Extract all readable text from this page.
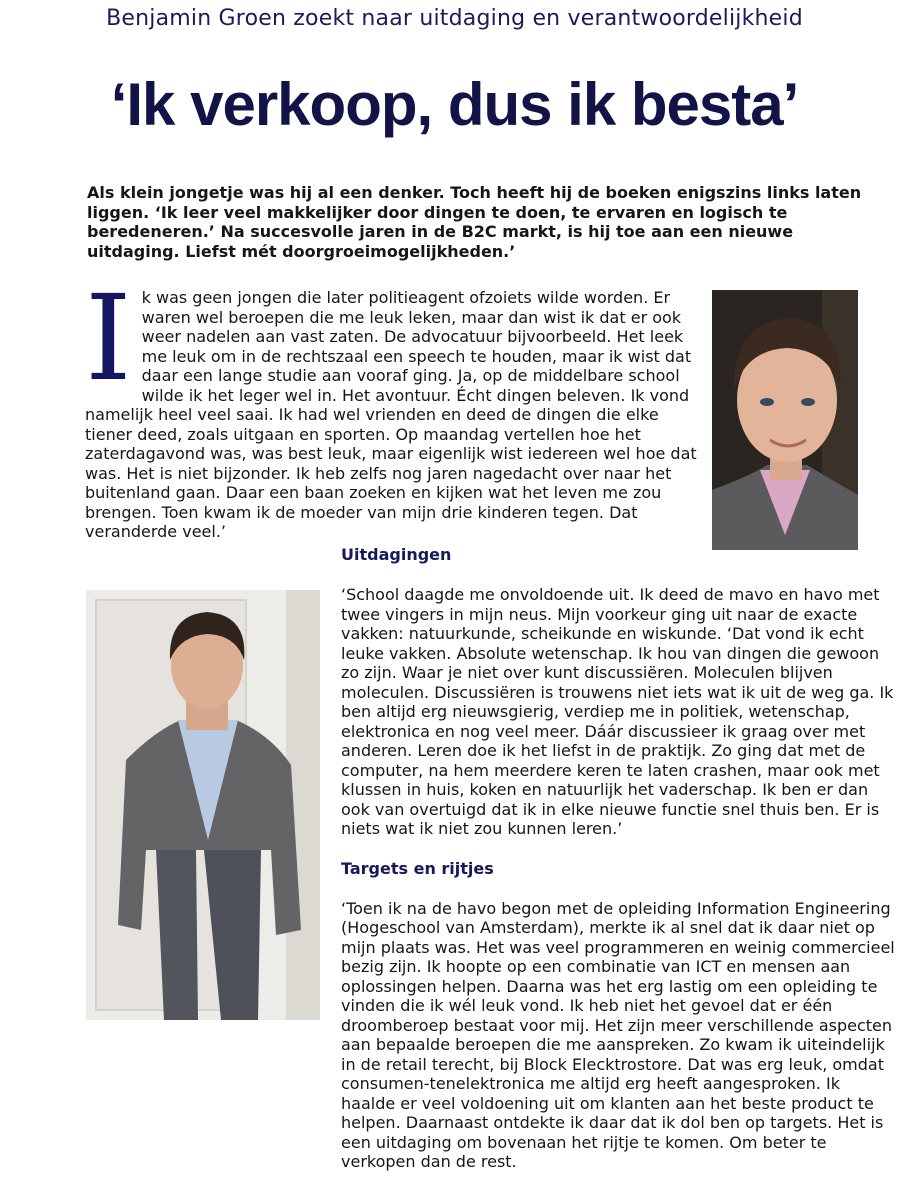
Benjamin Groen zoekt naar uitdaging en verantwoordelijkheid
‘Ik verkoop, dus ik besta’

Als klein jongetje was hij al een denker. Toch heeft hij de boeken enigszins links laten liggen. ‘Ik leer veel makkelijker door dingen te doen, te ervaren en logisch te beredeneren.’ Na succesvolle jaren in de B2C markt, is hij toe aan een nieuwe uitdaging. Liefst mét doorgroeimogelijkheden.’

I k was geen jongen die later politieagent ofzoiets wilde worden. Er waren wel beroepen die me leuk leken, maar dan wist ik dat er ook weer nadelen aan vast zaten. De advocatuur bijvoorbeeld. Het leek me leuk om in de rechtszaal een speech te houden, maar ik wist dat daar een lange studie aan vooraf ging. Ja, op de middelbare school wilde ik het leger wel in. Het avontuur. Écht dingen beleven. Ik vond namelijk heel veel saai. Ik had wel vrienden en deed de dingen die elke tiener deed, zoals uitgaan en sporten. Op maandag vertellen hoe het zaterdagavond was, was best leuk, maar eigenlijk wist iedereen wel hoe dat was. Het is niet bijzonder. Ik heb zelfs nog jaren nagedacht over naar het buitenland gaan. Daar een baan zoeken en kijken wat het leven me zou brengen. Toen kwam ik de moeder van mijn drie kinderen tegen. Dat veranderde veel.’

Uitdagingen

‘School daagde me onvoldoende uit. Ik deed de mavo en havo met twee vingers in mijn neus. Mijn voorkeur ging uit naar de exacte vakken: natuurkunde, scheikunde en wiskunde. ‘Dat vond ik echt leuke vakken. Absolute wetenschap. Ik hou van dingen die gewoon zo zijn. Waar je niet over kunt discussiëren. Moleculen blijven moleculen. Discussiëren is trouwens niet iets wat ik uit de weg ga. Ik ben altijd erg nieuwsgierig, verdiep me in politiek, wetenschap, elektronica en nog veel meer. Dáár discussieer ik graag over met anderen. Leren doe ik het liefst in de praktijk. Zo ging dat met de computer, na hem meerdere keren te laten crashen, maar ook met klussen in huis, koken en natuurlijk het vaderschap. Ik ben er dan ook van overtuigd dat ik in elke nieuwe functie snel thuis ben. Er is niets wat ik niet zou kunnen leren.’

Targets en rijtjes

‘Toen ik na de havo begon met de opleiding Information Engineering (Hogeschool van Amsterdam), merkte ik al snel dat ik daar niet op mijn plaats was. Het was veel programmeren en weinig commercieel bezig zijn. Ik hoopte op een combinatie van ICT en mensen aan oplossingen helpen. Daarna was het erg lastig om een opleiding te vinden die ik wél leuk vond. Ik heb niet het gevoel dat er één droomberoep bestaat voor mij. Het zijn meer verschillende aspecten aan bepaalde beroepen die me aanspreken. Zo kwam ik uiteindelijk in de retail terecht, bij Block Elecktrostore. Dat was erg leuk, omdat consumen-tenelektronica me altijd erg heeft aangesproken. Ik haalde er veel voldoening uit om klanten aan het beste product te helpen. Daarnaast ontdekte ik daar dat ik dol ben op targets. Het is een uitdaging om bovenaan het rijtje te komen. Om beter te verkopen dan de rest.
